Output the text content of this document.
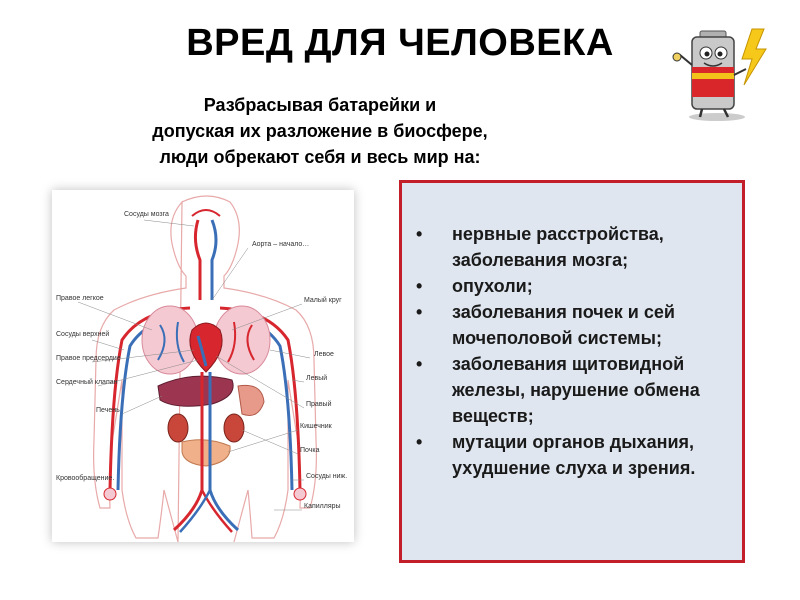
ВРЕД ДЛЯ ЧЕЛОВЕКА
Разбрасывая батарейки и
допуская их разложение в биосфере,
люди обрекают себя и весь мир на:
Сосуды мозга
Аорта – начало…
Правое легкое
Сосуды верхней
Правое предсердие
Сердечный клапан
Печень
Малый круг
Левое
Левый
Правый
Кишечник
Почка
Сосуды ниж.
Капилляры
Кровообращение.
• нервные расстройства, заболевания мозга;
• опухоли;
• заболевания почек и сей мочеполовой системы;
• заболевания щитовидной железы, нарушение обмена веществ;
• мутации органов дыхания, ухудшение слуха и зрения.
